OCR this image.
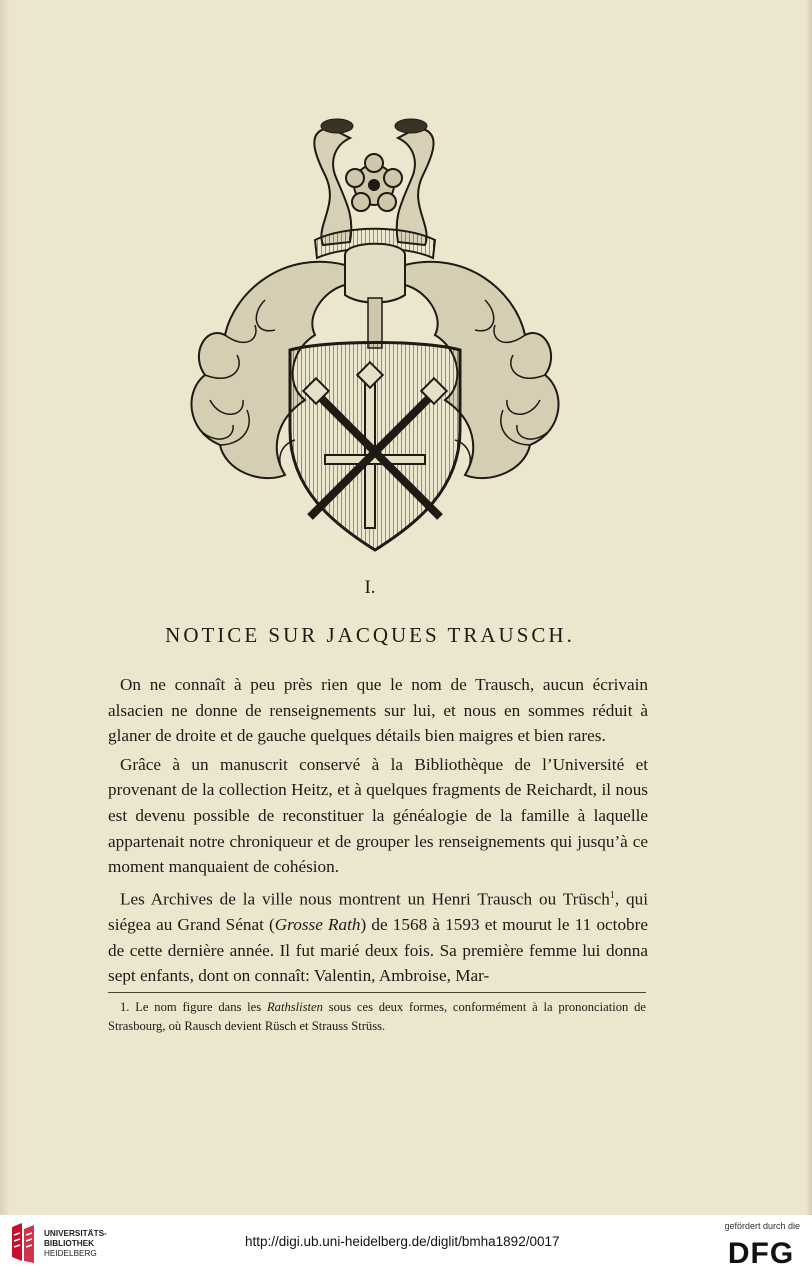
I.
NOTICE SUR JACQUES TRAUSCH.

On ne connaît à peu près rien que le nom de Trausch, aucun écrivain alsacien ne donne de renseignements sur lui, et nous en sommes réduit à glaner de droite et de gauche quelques détails bien maigres et bien rares.

Grâce à un manuscrit conservé à la Bibliothèque de l’Université et provenant de la collection Heitz, et à quelques fragments de Reichardt, il nous est devenu possible de reconstituer la généalogie de la famille à laquelle appartenait notre chroniqueur et de grouper les renseignements qui jusqu’à ce moment manquaient de cohésion.

Les Archives de la ville nous montrent un Henri Trausch ou Trüsch$^1$, qui siégea au Grand Sénat (Grosse Rath) de 1568 à 1593 et mourut le 11 octobre de cette dernière année. Il fut marié deux fois. Sa première femme lui donna sept enfants, dont on connaît: Valentin, Ambroise, Mar-

1. Le nom figure dans les Rathslisten sous ces deux formes, conformément à la prononciation de Strasbourg, où Rausch devient Rüsch et Strauss Strüss.

UNIVERSITÄTS-
BIBLIOTHEK
HEIDELBERG
http://digi.ub.uni-heidelberg.de/diglit/bmha1892/0017
gefördert durch die
DFG
